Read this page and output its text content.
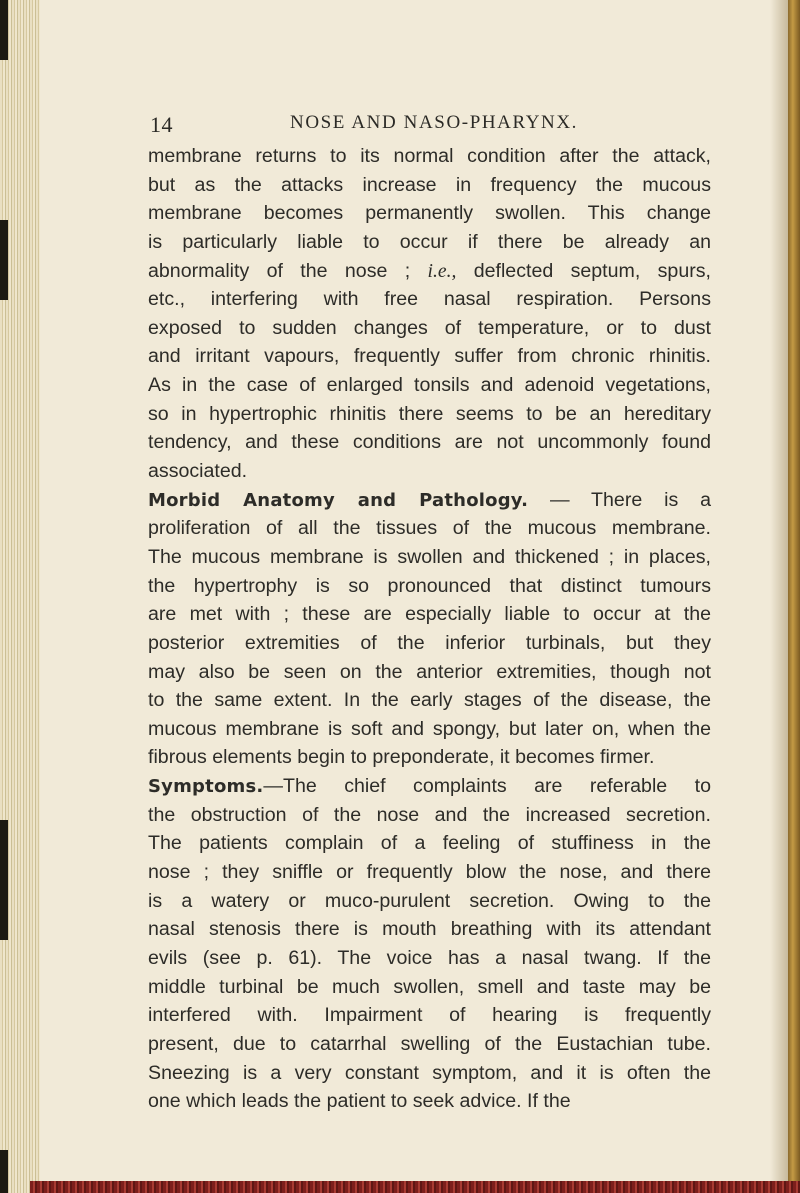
14	NOSE AND NASO-PHARYNX.
membrane returns to its normal condition after the attack,
but as the attacks increase in frequency the mucous
membrane becomes permanently swollen. This change
is particularly liable to occur if there be already an
abnormality of the nose ; i.e., deflected septum, spurs,
etc., interfering with free nasal respiration. Persons
exposed to sudden changes of temperature, or to dust
and irritant vapours, frequently suffer from chronic rhinitis.
As in the case of enlarged tonsils and adenoid vegetations,
so in hypertrophic rhinitis there seems to be an hereditary
tendency, and these conditions are not uncommonly found
associated.
Morbid Anatomy and Pathology. — There is a
proliferation of all the tissues of the mucous membrane.
The mucous membrane is swollen and thickened ; in places,
the hypertrophy is so pronounced that distinct tumours
are met with ; these are especially liable to occur at the
posterior extremities of the inferior turbinals, but they
may also be seen on the anterior extremities, though not
to the same extent. In the early stages of the disease, the
mucous membrane is soft and spongy, but later on, when the
fibrous elements begin to preponderate, it becomes firmer.
Symptoms.—The chief complaints are referable to
the obstruction of the nose and the increased secretion.
The patients complain of a feeling of stuffiness in the
nose ; they sniffle or frequently blow the nose, and there
is a watery or muco-purulent secretion. Owing to the
nasal stenosis there is mouth breathing with its attendant
evils (see p. 61). The voice has a nasal twang. If the
middle turbinal be much swollen, smell and taste may be
interfered with. Impairment of hearing is frequently
present, due to catarrhal swelling of the Eustachian tube.
Sneezing is a very constant symptom, and it is often the
one which leads the patient to seek advice. If the
